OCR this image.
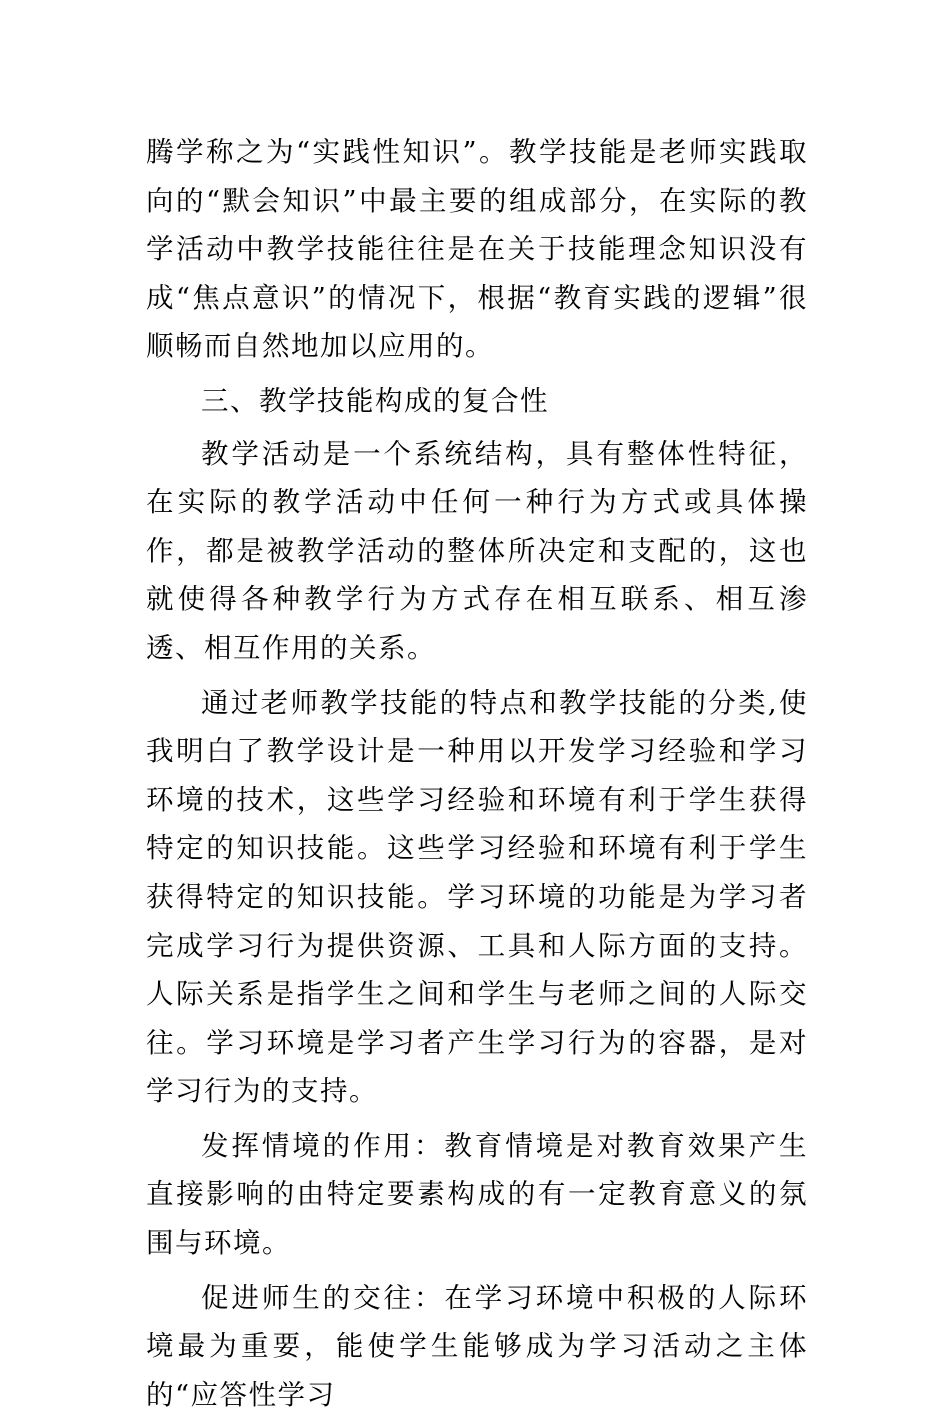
腾学称之为“实践性知识”。教学技能是老师实践取向的“默会知识”中最主要的组成部分，在实际的教学活动中教学技能往往是在关于技能理念知识没有成“焦点意识”的情况下，根据“教育实践的逻辑”很顺畅而自然地加以应用的。

三、教学技能构成的复合性

教学活动是一个系统结构，具有整体性特征，在实际的教学活动中任何一种行为方式或具体操作，都是被教学活动的整体所决定和支配的，这也就使得各种教学行为方式存在相互联系、相互渗透、相互作用的关系。

通过老师教学技能的特点和教学技能的分类,使我明白了教学设计是一种用以开发学习经验和学习环境的技术，这些学习经验和环境有利于学生获得特定的知识技能。这些学习经验和环境有利于学生获得特定的知识技能。学习环境的功能是为学习者完成学习行为提供资源、工具和人际方面的支持。人际关系是指学生之间和学生与老师之间的人际交往。学习环境是学习者产生学习行为的容器，是对学习行为的支持。

发挥情境的作用：教育情境是对教育效果产生直接影响的由特定要素构成的有一定教育意义的氛围与环境。

促进师生的交往：在学习环境中积极的人际环境最为重要，能使学生能够成为学习活动之主体的“应答性学习
